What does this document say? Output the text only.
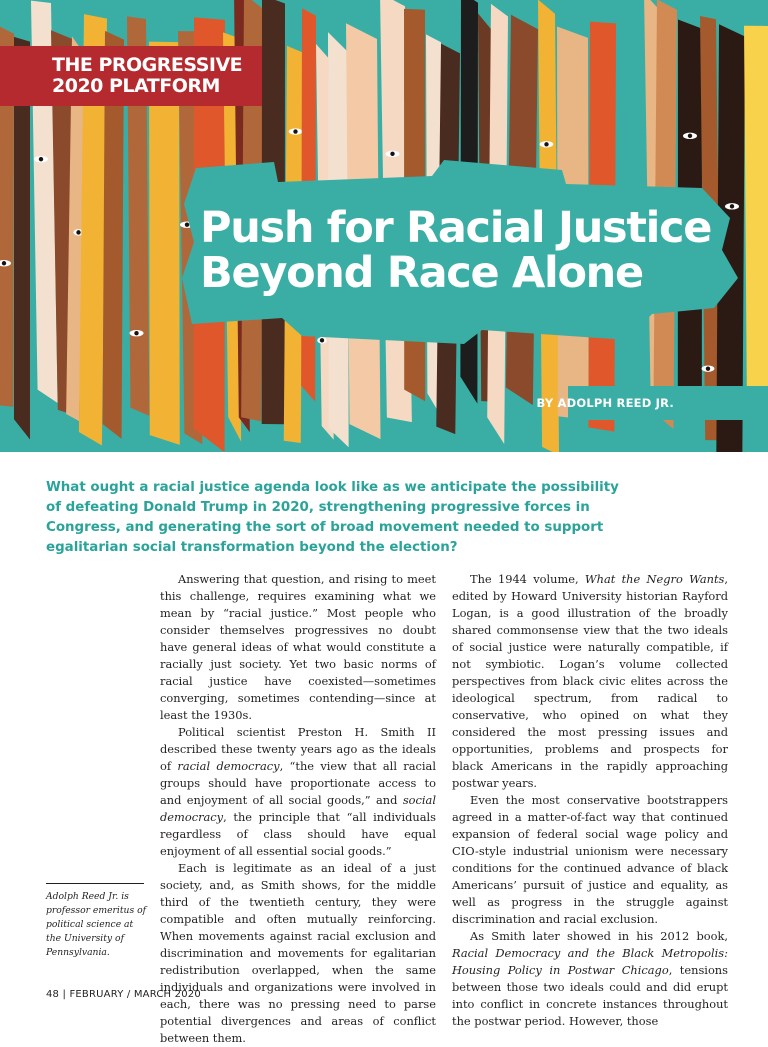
THE PROGRESSIVE
2020 PLATFORM
Push for Racial Justice
Beyond Race Alone
BY ADOLPH REED JR.

What ought a racial justice agenda look like as we anticipate the possibility of defeating Donald Trump in 2020, strengthening progressive forces in Congress, and generating the sort of broad movement needed to support egalitarian social transformation beyond the election?

Answering that question, and rising to meet this challenge, requires examining what we mean by “racial justice.” Most people who consider themselves progressives no doubt have general ideas of what would constitute a racially just society. Yet two basic norms of racial justice have coexisted—sometimes converging, sometimes contending—since at least the 1930s.

Political scientist Preston H. Smith II described these twenty years ago as the ideals of racial democracy, “the view that all racial groups should have proportionate access to and enjoyment of all social goods,” and social democracy, the principle that “all individuals regardless of class should have equal enjoyment of all essential social goods.”

Each is legitimate as an ideal of a just society, and, as Smith shows, for the middle third of the twentieth century, they were compatible and often mutually reinforcing. When movements against racial exclusion and discrimination and movements for egalitarian redistribution overlapped, when the same individuals and organizations were involved in each, there was no pressing need to parse potential divergences and areas of conflict between them.

The 1944 volume, What the Negro Wants, edited by Howard University historian Rayford Logan, is a good illustration of the broadly shared commonsense view that the two ideals of social justice were naturally compatible, if not symbiotic. Logan’s volume collected perspectives from black civic elites across the ideological spectrum, from radical to conservative, who opined on what they considered the most pressing issues and opportunities, problems and prospects for black Americans in the rapidly approaching postwar years.

Even the most conservative bootstrappers agreed in a matter-of-fact way that continued expansion of federal social wage policy and CIO-style industrial unionism were necessary conditions for the continued advance of black Americans’ pursuit of justice and equality, as well as progress in the struggle against discrimination and racial exclusion.

As Smith later showed in his 2012 book, Racial Democracy and the Black Metropolis: Housing Policy in Postwar Chicago, tensions between those two ideals could and did erupt into conflict in concrete instances throughout the postwar period. However, those

Adolph Reed Jr. is professor emeritus of political science at the University of Pennsylvania.

48 | FEBRUARY / MARCH 2020
